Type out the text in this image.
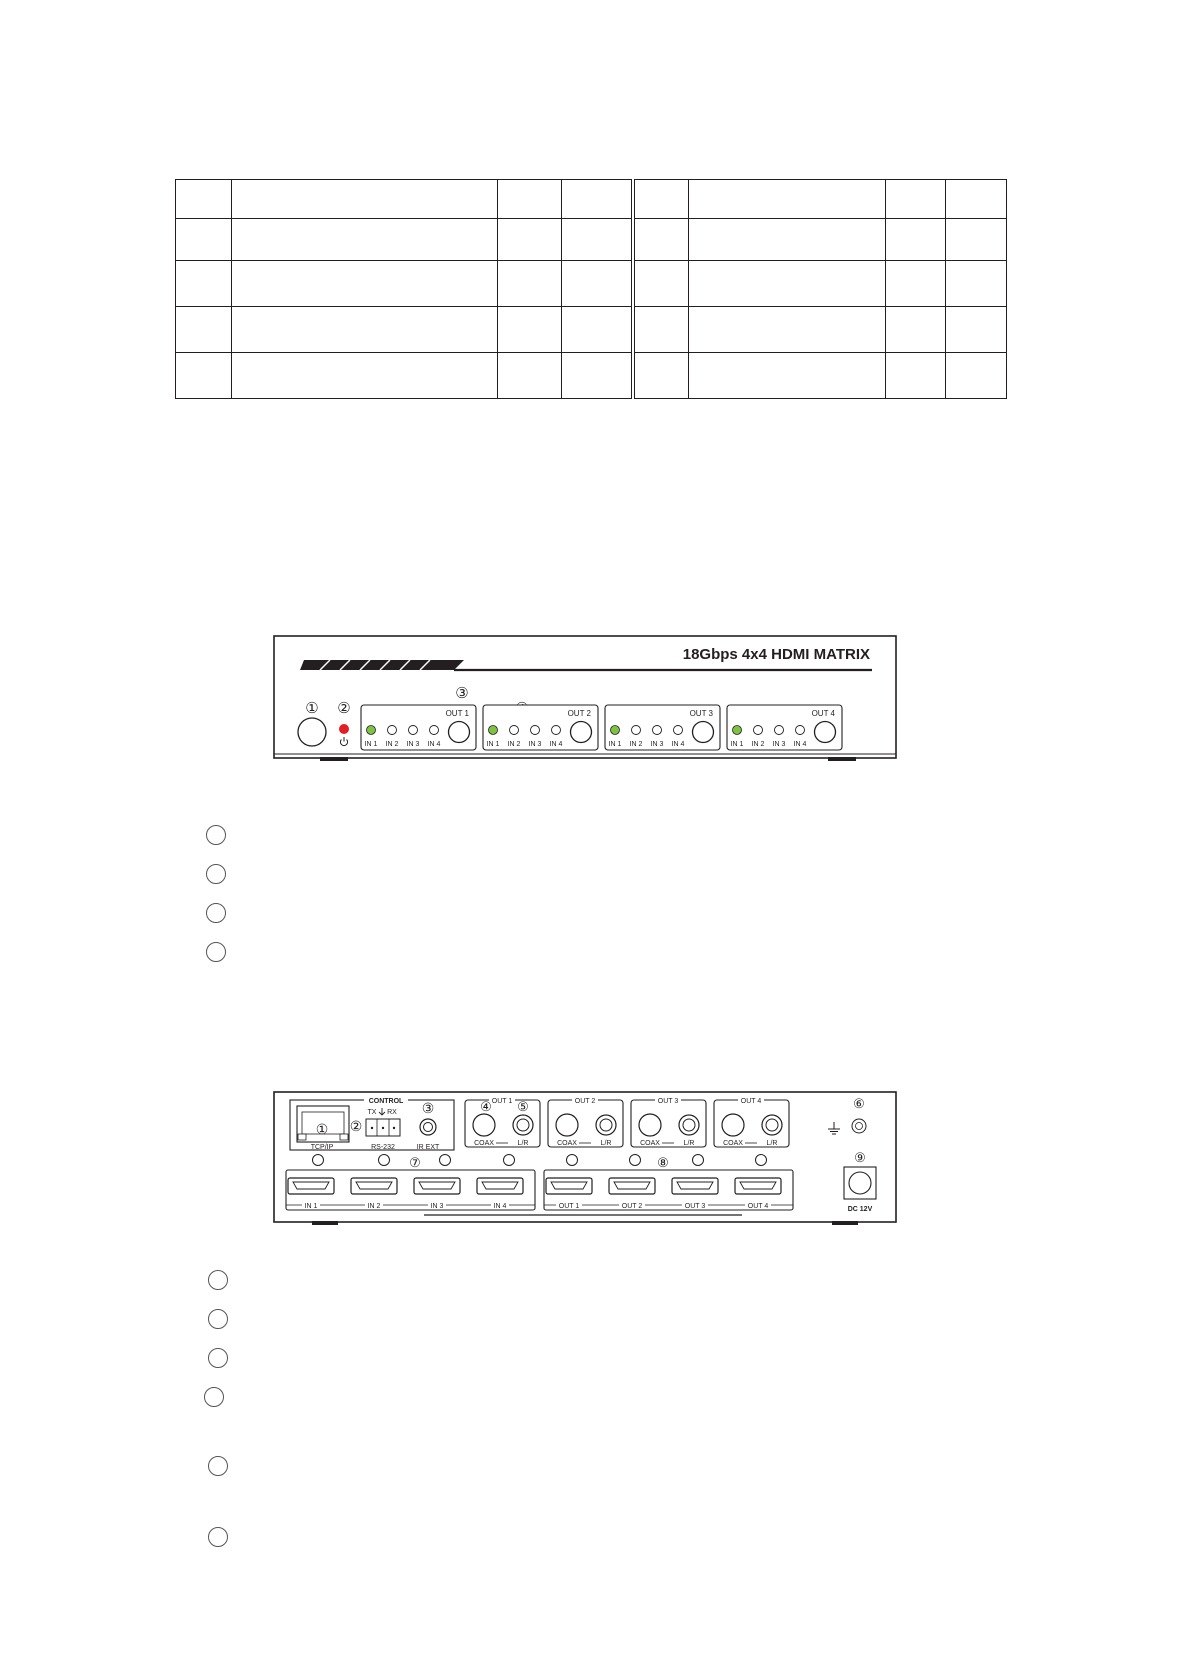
18Gbps 4x4 HDMI MATRIX
① ②
③
OUT 1
IN 1 IN 2 IN 3 IN 4
OUT 2
IN 1 IN 2 IN 3 IN 4
OUT 3
IN 1 IN 2 IN 3 IN 4
OUT 4
IN 1 IN 2 IN 3 IN 4
CONTROL
①
TCP/IP
②
TX RX
RS-232
③
IR EXT
OUT 1
④ ⑤
COAX	L/R
OUT 2
COAX	L/R
OUT 3
COAX	L/R
OUT 4
COAX	L/R
⑥
⑨
DC 12V
⑦	⑧
IN 1	IN 2	IN 3	IN 4	OUT 1	OUT 2	OUT 3	OUT 4
